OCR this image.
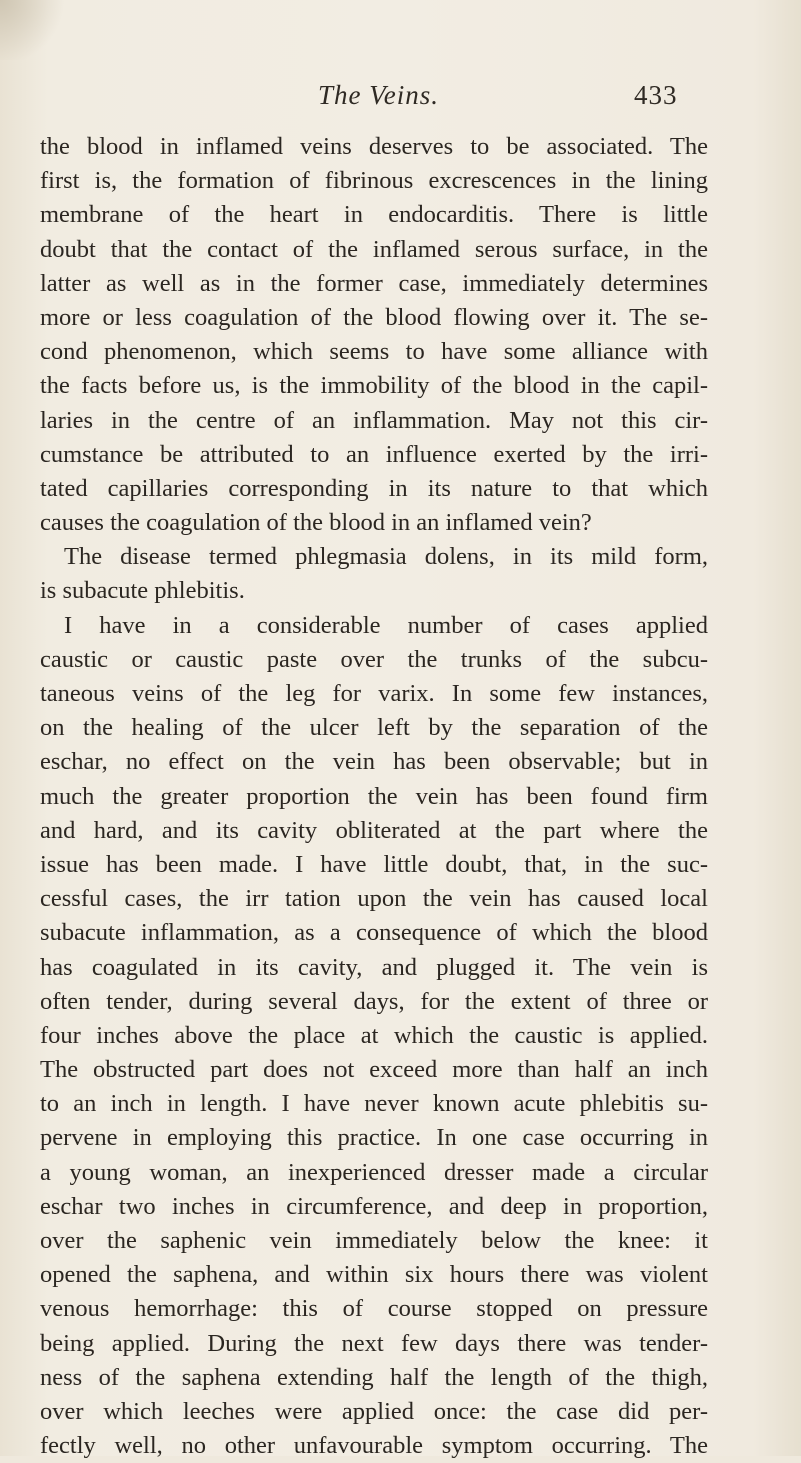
The Veins.	433
the blood in inflamed veins deserves to be associated. The
first is, the formation of fibrinous excrescences in the lining
membrane of the heart in endocarditis. There is little
doubt that the contact of the inflamed serous surface, in the
latter as well as in the former case, immediately determines
more or less coagulation of the blood flowing over it. The se-
cond phenomenon, which seems to have some alliance with
the facts before us, is the immobility of the blood in the capil-
laries in the centre of an inflammation. May not this cir-
cumstance be attributed to an influence exerted by the irri-
tated capillaries corresponding in its nature to that which
causes the coagulation of the blood in an inflamed vein?
The disease termed phlegmasia dolens, in its mild form,
is subacute phlebitis.
I have in a considerable number of cases applied
caustic or caustic paste over the trunks of the subcu-
taneous veins of the leg for varix. In some few instances,
on the healing of the ulcer left by the separation of the
eschar, no effect on the vein has been observable; but in
much the greater proportion the vein has been found firm
and hard, and its cavity obliterated at the part where the
issue has been made. I have little doubt, that, in the suc-
cessful cases, the irr tation upon the vein has caused local
subacute inflammation, as a consequence of which the blood
has coagulated in its cavity, and plugged it. The vein is
often tender, during several days, for the extent of three or
four inches above the place at which the caustic is applied.
The obstructed part does not exceed more than half an inch
to an inch in length. I have never known acute phlebitis su-
pervene in employing this practice. In one case occurring in
a young woman, an inexperienced dresser made a circular
eschar two inches in circumference, and deep in proportion,
over the saphenic vein immediately below the knee: it
opened the saphena, and within six hours there was violent
venous hemorrhage: this of course stopped on pressure
being applied. During the next few days there was tender-
ness of the saphena extending half the length of the thigh,
over which leeches were applied once: the case did per-
fectly well, no other unfavourable symptom occurring. The
